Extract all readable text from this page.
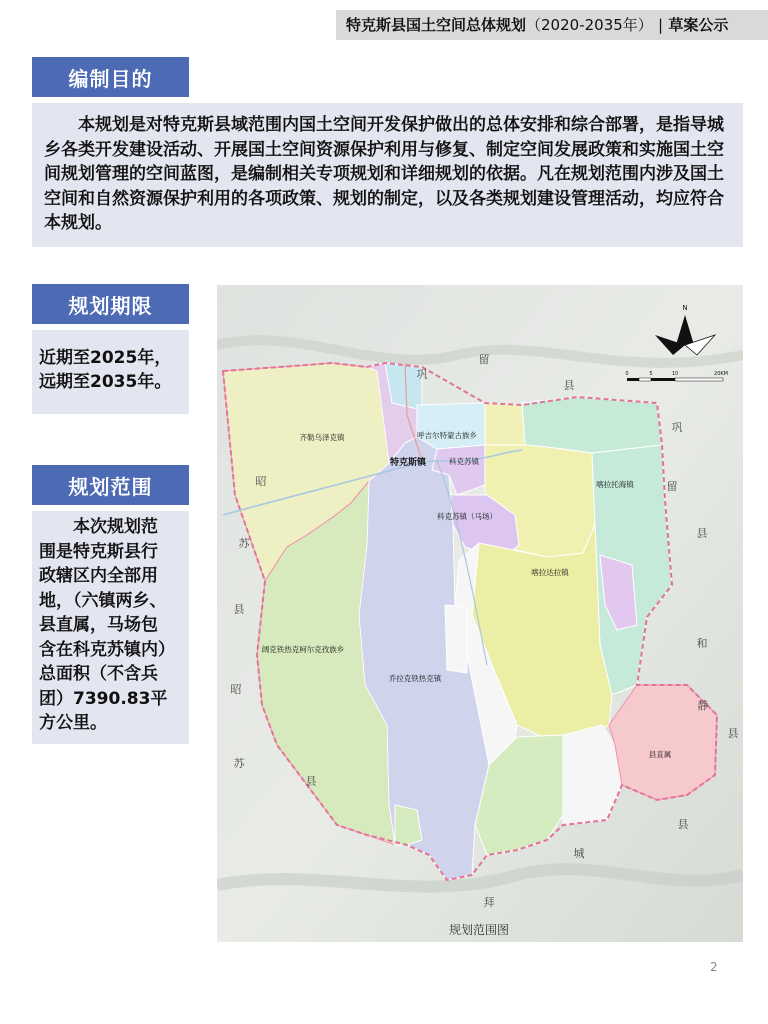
特克斯县国土空间总体规划（2020-2035年） | 草案公示
编制目的
本规划是对特克斯县域范围内国土空间开发保护做出的总体安排和综合部署，是指导城乡各类开发建设活动、开展国土空间资源保护利用与修复、制定空间发展政策和实施国土空间规划管理的空间蓝图，是编制相关专项规划和详细规划的依据。凡在规划范围内涉及国土空间和自然资源保护利用的各项政策、规划的制定，以及各类规划建设管理活动，均应符合本规划。
规划期限
近期至2025年，
远期至2035年。
规划范围
本次规划范
围是特克斯县行
政辖区内全部用
地，（六镇两乡、
县直属，马场包
含在科克苏镇内）
总面积（不含兵
团）7390.83平
方公里。
齐勒乌泽克镇	呼吉尔特蒙古族乡
特克斯镇	科克苏镇
科克苏镇（马场）
喀拉托海镇
喀拉达拉镇
阔克铁热克柯尔克孜族乡
乔拉克铁热克镇
县直属
巩
留
县
巩
留
县
昭
苏
县
昭
苏
县
和
静
县
拜
城
县
N
0	5	10	20KM
规划范围图
2
